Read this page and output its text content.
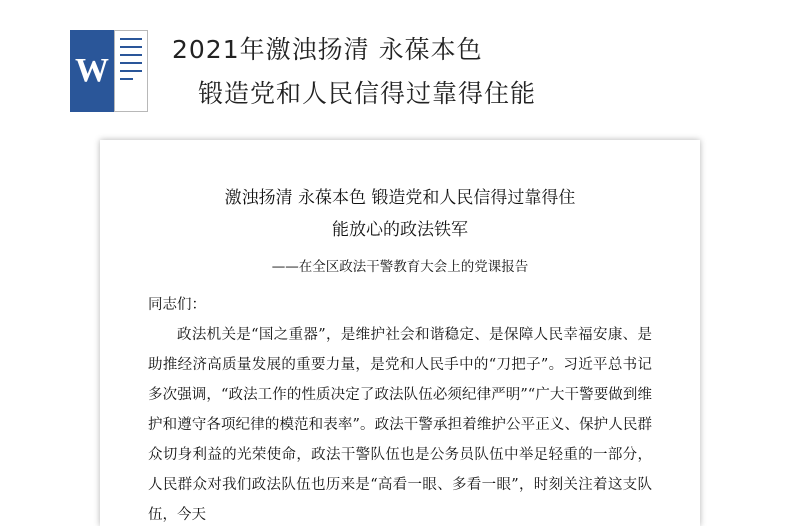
W
2021年激浊扬清 永葆本色
锻造党和人民信得过靠得住能
激浊扬清 永葆本色 锻造党和人民信得过靠得住
能放心的政法铁军
——在全区政法干警教育大会上的党课报告
同志们：

政法机关是“国之重器”，是维护社会和谐稳定、是保障人民幸福安康、是助推经济高质量发展的重要力量，是党和人民手中的“刀把子”。习近平总书记多次强调，“政法工作的性质决定了政法队伍必须纪律严明”“广大干警要做到维护和遵守各项纪律的模范和表率”。政法干警承担着维护公平正义、保护人民群众切身利益的光荣使命，政法干警队伍也是公务员队伍中举足轻重的一部分，人民群众对我们政法队伍也历来是“高看一眼、多看一眼”，时刻关注着这支队伍，今天
